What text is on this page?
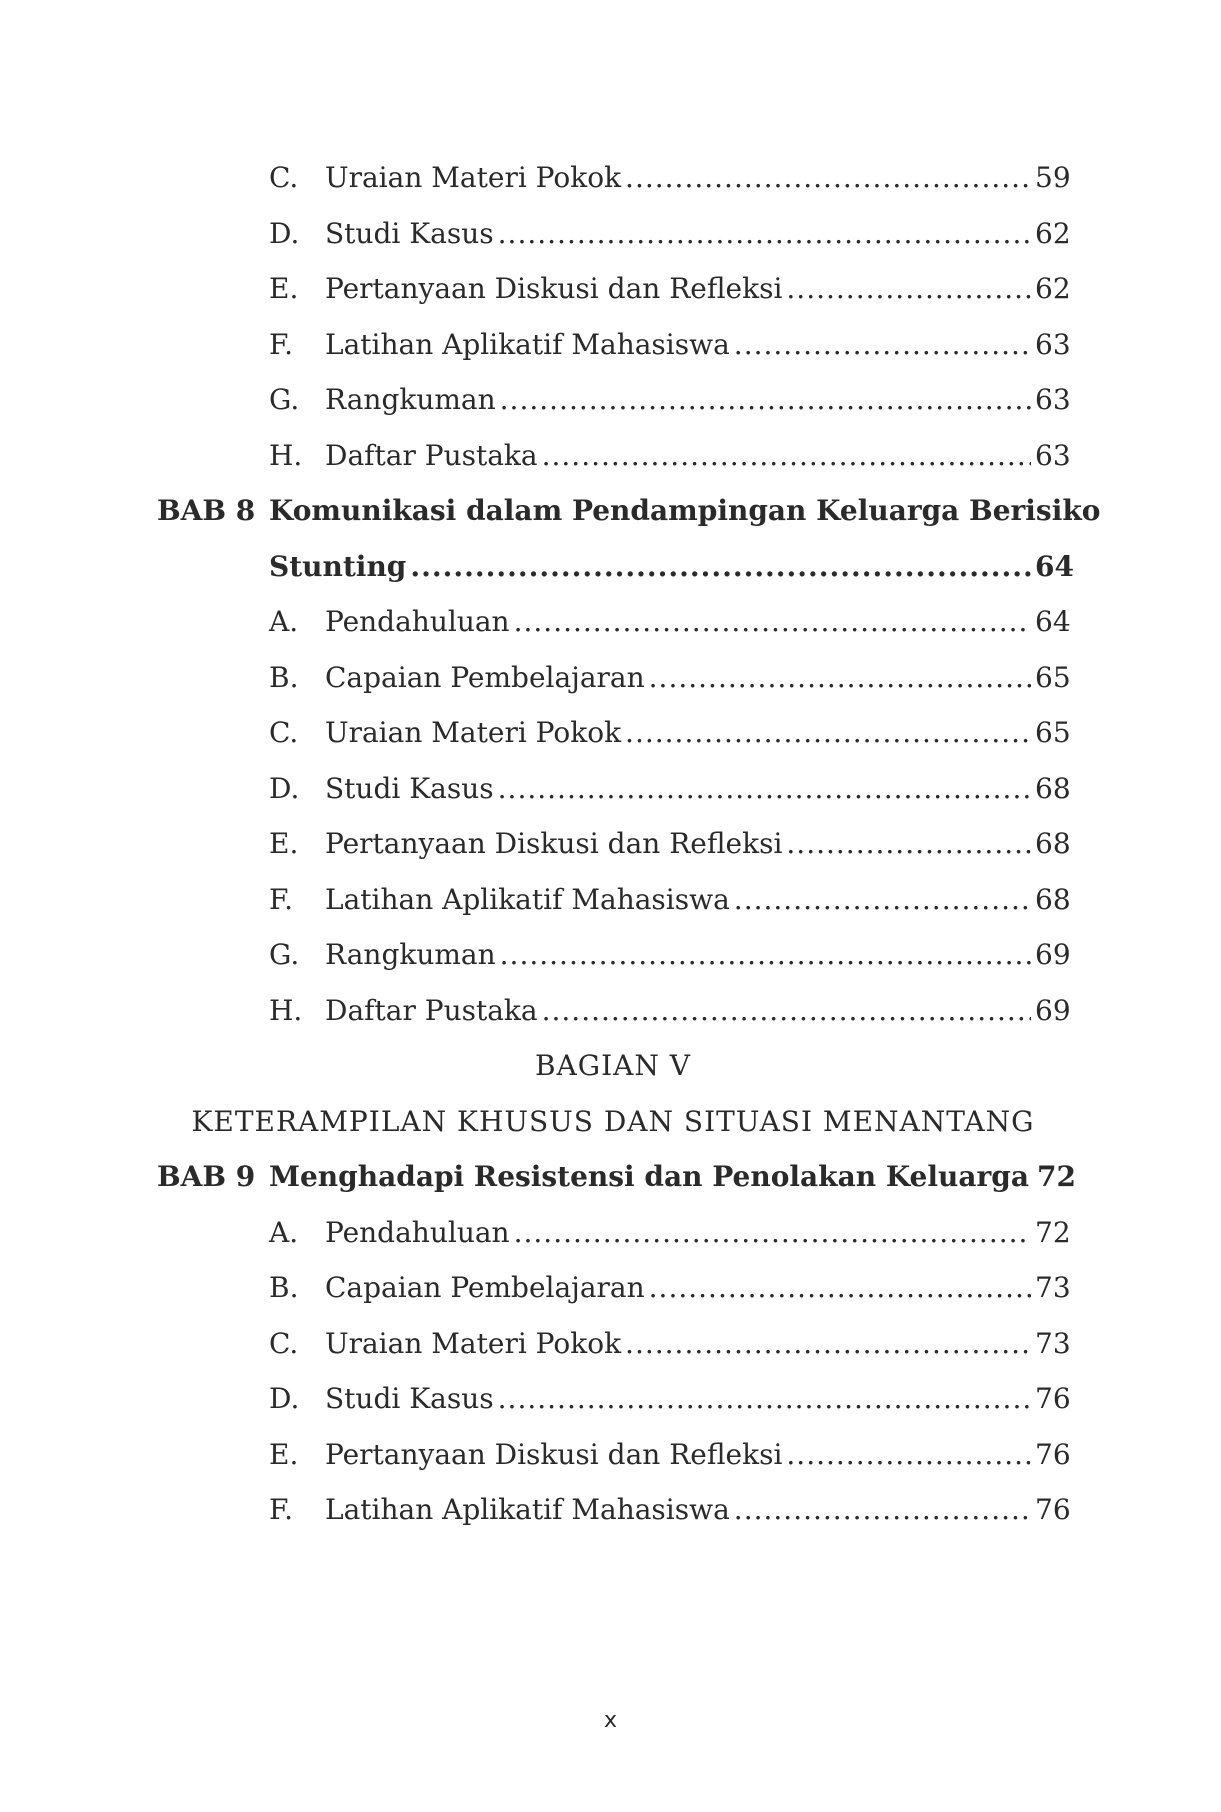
C. Uraian Materi Pokok .....	59
D. Studi Kasus .....	62
E. Pertanyaan Diskusi dan Refleksi .....	62
F.	Latihan Aplikatif Mahasiswa .....	63
G. Rangkuman .....	63
H. Daftar Pustaka .....	63
BAB 8 Komunikasi dalam Pendampingan Keluarga Berisiko
Stunting .....	64
A. Pendahuluan .....	64
B. Capaian Pembelajaran .....	65
C. Uraian Materi Pokok .....	65
D. Studi Kasus .....	68
E. Pertanyaan Diskusi dan Refleksi .....	68
F.	Latihan Aplikatif Mahasiswa .....	68
G. Rangkuman .....	69
H. Daftar Pustaka .....	69
BAGIAN V
KETERAMPILAN KHUSUS DAN SITUASI MENANTANG
BAB 9 Menghadapi Resistensi dan Penolakan Keluarga 72
A. Pendahuluan .....	72
B. Capaian Pembelajaran .....	73
C. Uraian Materi Pokok .....	73
D. Studi Kasus .....	76
E. Pertanyaan Diskusi dan Refleksi .....	76
F.	Latihan Aplikatif Mahasiswa .....	76
x
